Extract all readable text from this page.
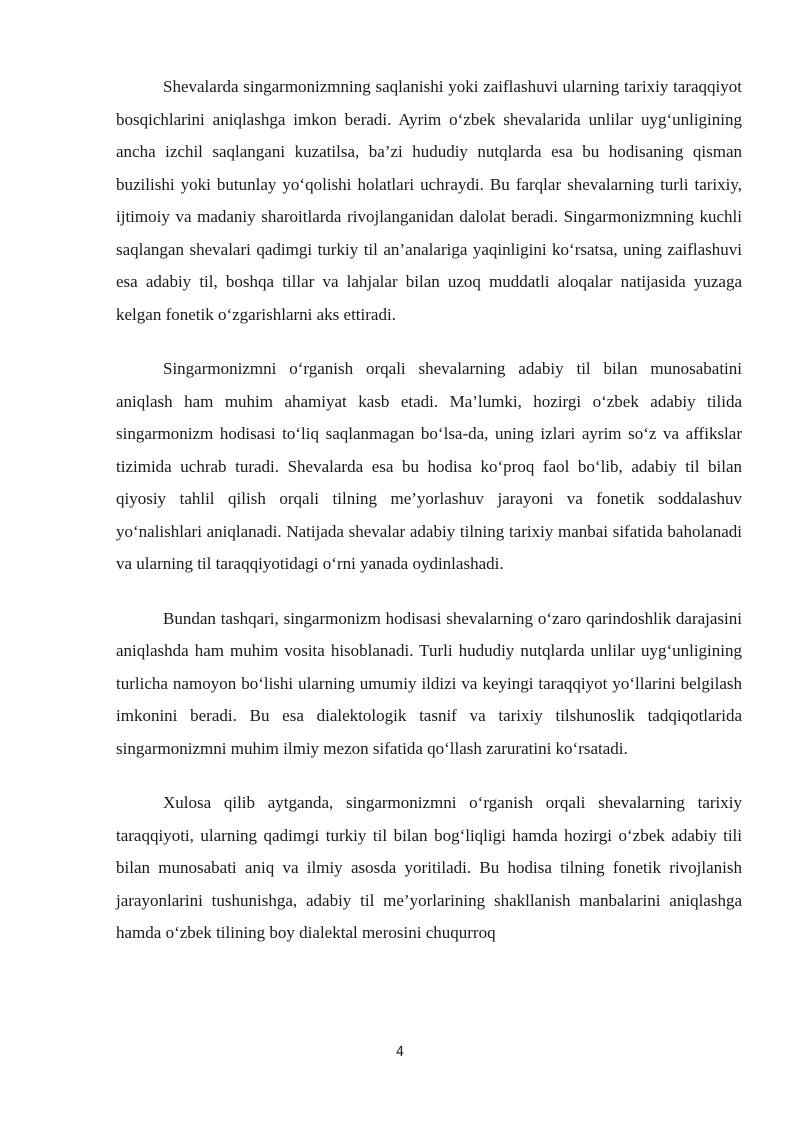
Shevalarda singarmonizmning saqlanishi yoki zaiflashuvi ularning tarixiy taraqqiyot bosqichlarini aniqlashga imkon beradi. Ayrim o‘zbek shevalarida unlilar uyg‘unligining ancha izchil saqlangani kuzatilsa, ba’zi hududiy nutqlarda esa bu hodisaning qisman buzilishi yoki butunlay yo‘qolishi holatlari uchraydi. Bu farqlar shevalarning turli tarixiy, ijtimoiy va madaniy sharoitlarda rivojlanganidan dalolat beradi. Singarmonizmning kuchli saqlangan shevalari qadimgi turkiy til an’analariga yaqinligini ko‘rsatsa, uning zaiflashuvi esa adabiy til, boshqa tillar va lahjalar bilan uzoq muddatli aloqalar natijasida yuzaga kelgan fonetik o‘zgarishlarni aks ettiradi.

Singarmonizmni o‘rganish orqali shevalarning adabiy til bilan munosabatini aniqlash ham muhim ahamiyat kasb etadi. Ma’lumki, hozirgi o‘zbek adabiy tilida singarmonizm hodisasi to‘liq saqlanmagan bo‘lsa-da, uning izlari ayrim so‘z va affikslar tizimida uchrab turadi. Shevalarda esa bu hodisa ko‘proq faol bo‘lib, adabiy til bilan qiyosiy tahlil qilish orqali tilning me’yorlashuv jarayoni va fonetik soddalashuv yo‘nalishlari aniqlanadi. Natijada shevalar adabiy tilning tarixiy manbai sifatida baholanadi va ularning til taraqqiyotidagi o‘rni yanada oydinlashadi.

Bundan tashqari, singarmonizm hodisasi shevalarning o‘zaro qarindoshlik darajasini aniqlashda ham muhim vosita hisoblanadi. Turli hududiy nutqlarda unlilar uyg‘unligining turlicha namoyon bo‘lishi ularning umumiy ildizi va keyingi taraqqiyot yo‘llarini belgilash imkonini beradi. Bu esa dialektologik tasnif va tarixiy tilshunoslik tadqiqotlarida singarmonizmni muhim ilmiy mezon sifatida qo‘llash zaruratini ko‘rsatadi.

Xulosa qilib aytganda, singarmonizmni o‘rganish orqali shevalarning tarixiy taraqqiyoti, ularning qadimgi turkiy til bilan bog‘liqligi hamda hozirgi o‘zbek adabiy tili bilan munosabati aniq va ilmiy asosda yoritiladi. Bu hodisa tilning fonetik rivojlanish jarayonlarini tushunishga, adabiy til me’yorlarining shakllanish manbalarini aniqlashga hamda o‘zbek tilining boy dialektal merosini chuqurroq

4
